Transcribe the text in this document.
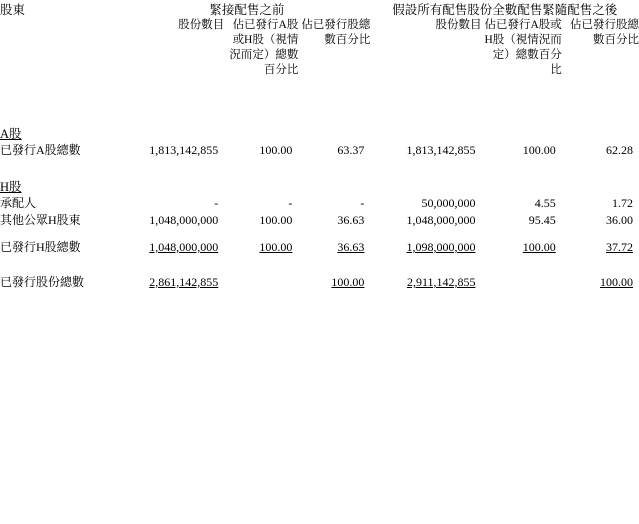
股東	緊接配售之前			假設所有配售股份全數配售緊隨配售之後		
	股份數目	佔已發行A股或H股（視情況而定）總數百分比	佔已發行股總數百分比	股份數目	佔已發行A股或H股（視情況而定）總數百分比	佔已發行股總數百分比

A股						
已發行A股總數	1,813,142,855	100.00	63.37	1,813,142,855	100.00	62.28

H股						
承配人	-	-	-	50,000,000	4.55	1.72
其他公眾H股東	1,048,000,000	100.00	36.63	1,048,000,000	95.45	36.00

已發行H股總數	1,048,000,000	100.00	36.63	1,098,000,000	100.00	37.72

已發行股份總數	2,861,142,855		100.00	2,911,142,855		100.00
